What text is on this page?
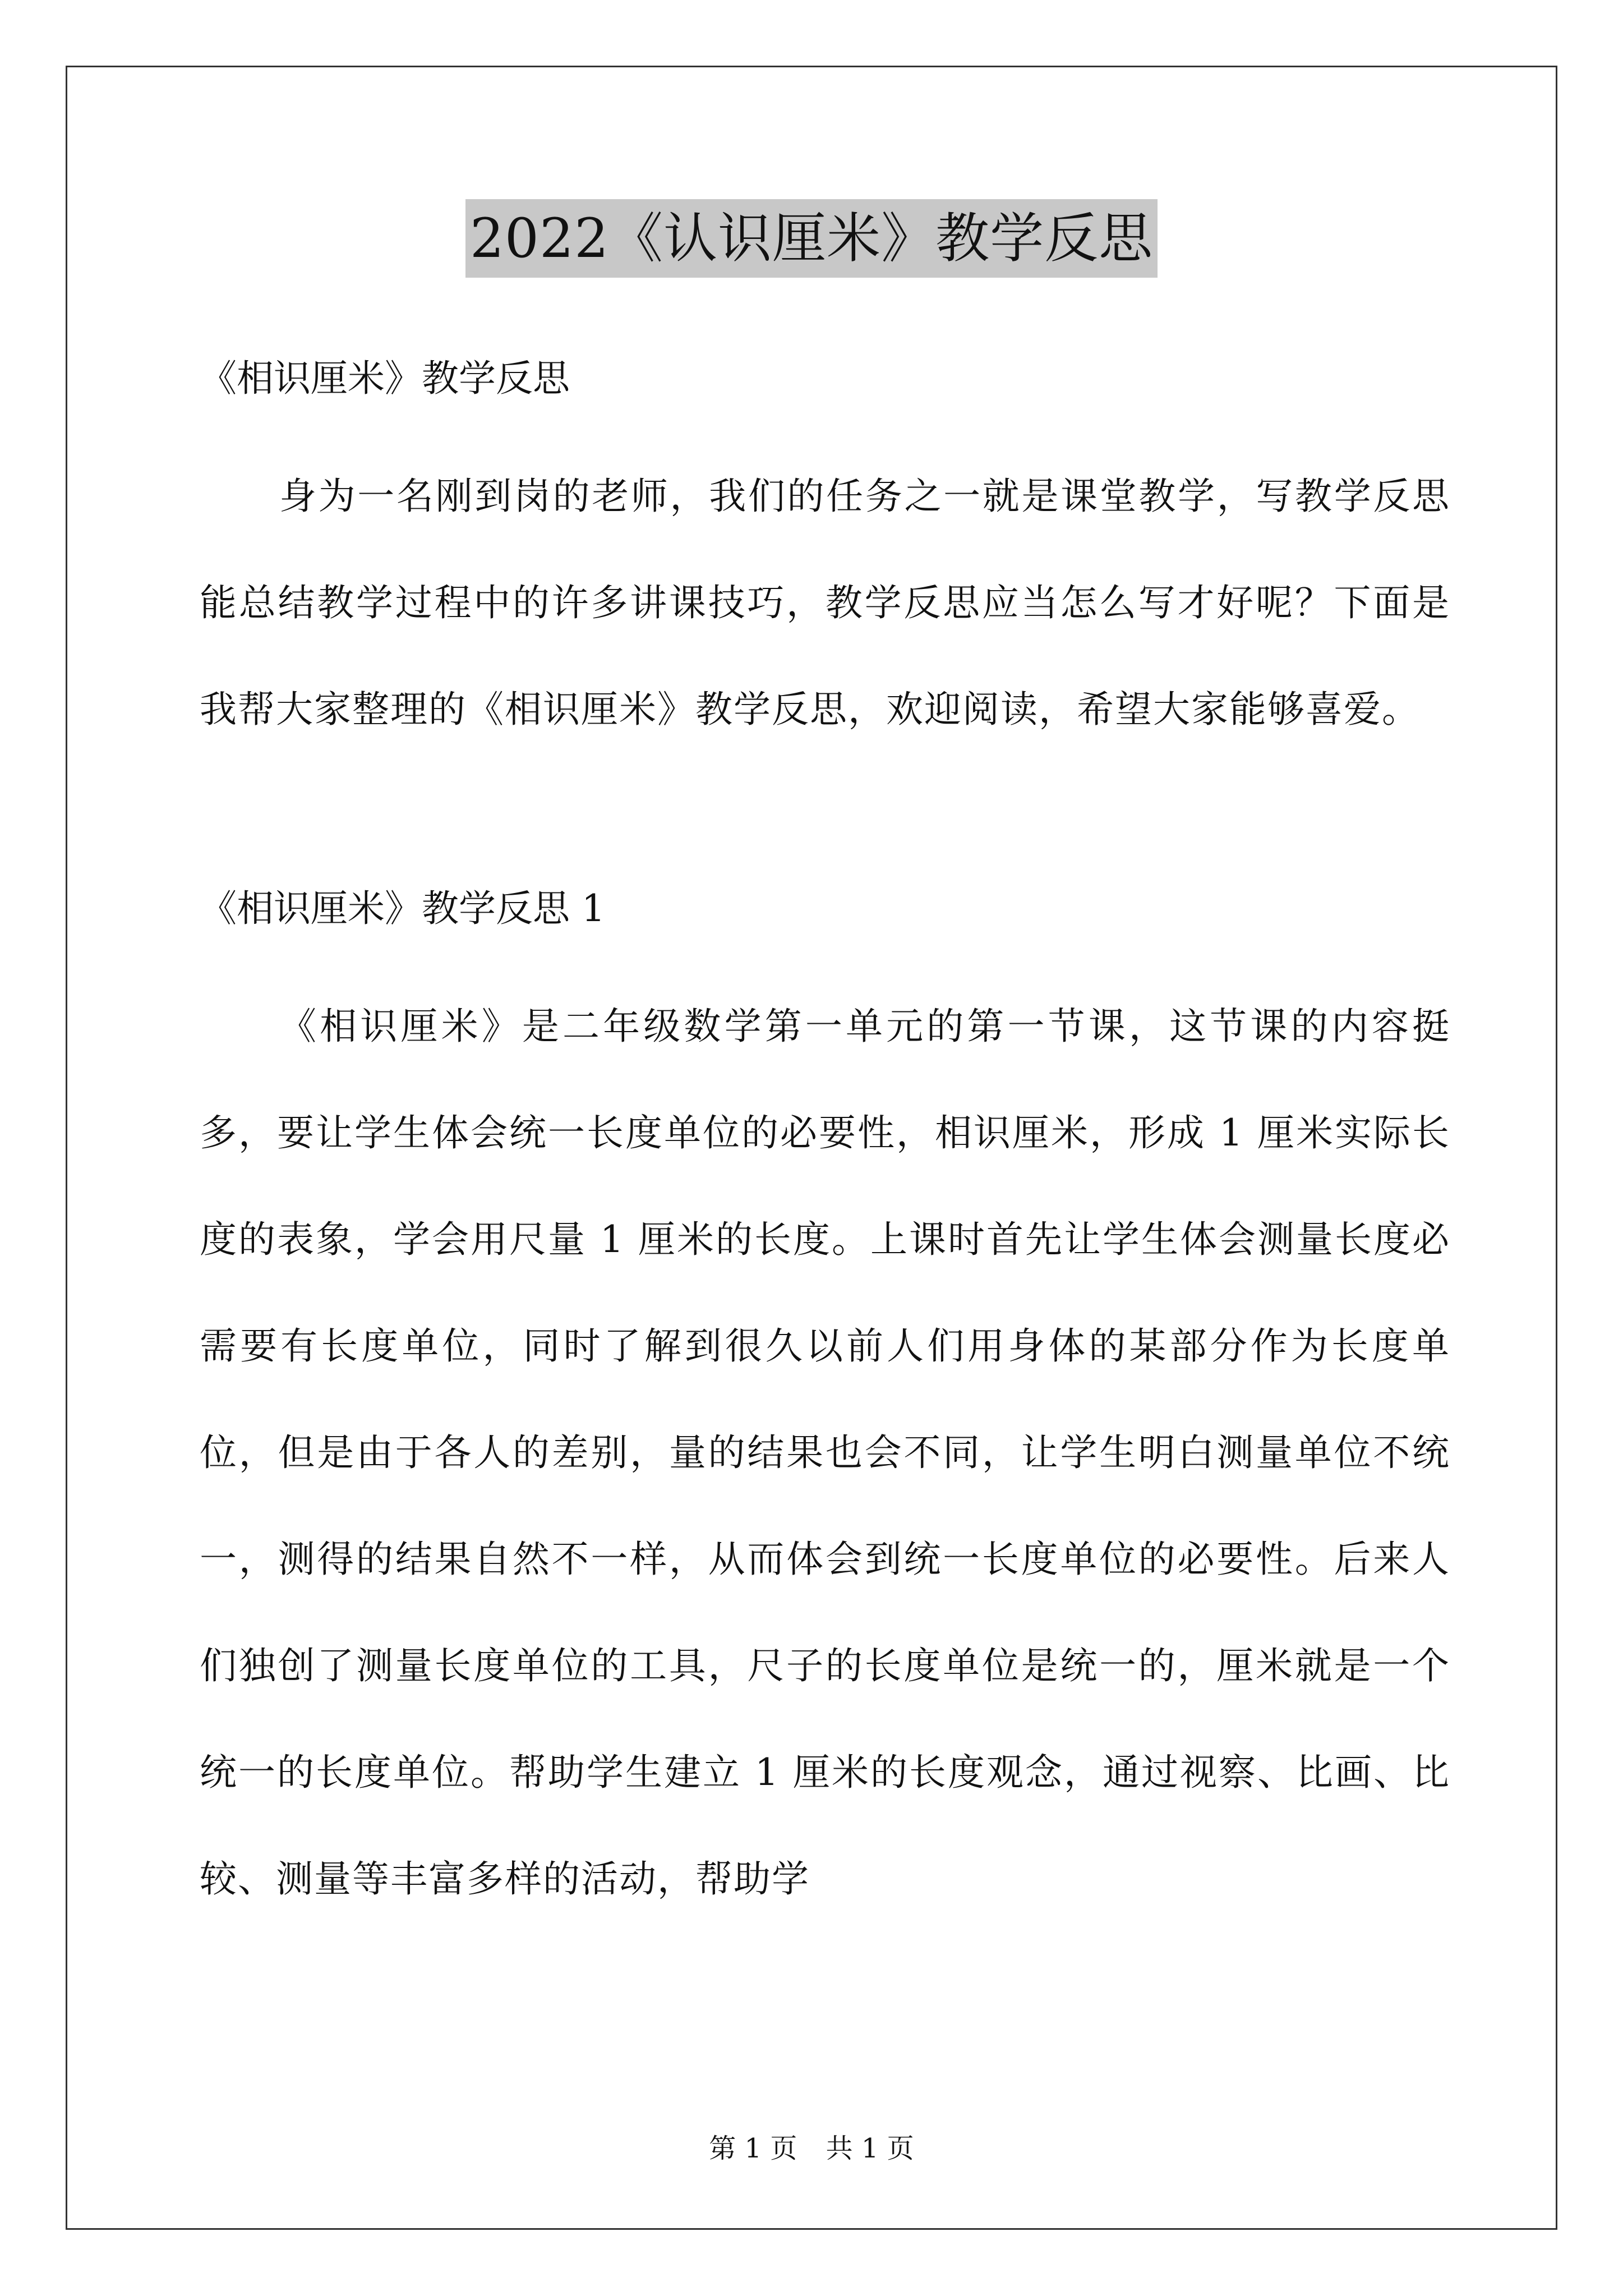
2022《认识厘米》教学反思

《相识厘米》教学反思

身为一名刚到岗的老师，我们的任务之一就是课堂教学，写教学反思能总结教学过程中的许多讲课技巧，教学反思应当怎么写才好呢？下面是我帮大家整理的《相识厘米》教学反思，欢迎阅读，希望大家能够喜爱。

《相识厘米》教学反思 1

《相识厘米》是二年级数学第一单元的第一节课，这节课的内容挺多，要让学生体会统一长度单位的必要性，相识厘米，形成 1 厘米实际长度的表象，学会用尺量 1 厘米的长度。上课时首先让学生体会测量长度必需要有长度单位，同时了解到很久以前人们用身体的某部分作为长度单位，但是由于各人的差别，量的结果也会不同，让学生明白测量单位不统一，测得的结果自然不一样，从而体会到统一长度单位的必要性。后来人们独创了测量长度单位的工具，尺子的长度单位是统一的，厘米就是一个统一的长度单位。帮助学生建立 1 厘米的长度观念，通过视察、比画、比较、测量等丰富多样的活动，帮助学

第 1 页 共 1 页
